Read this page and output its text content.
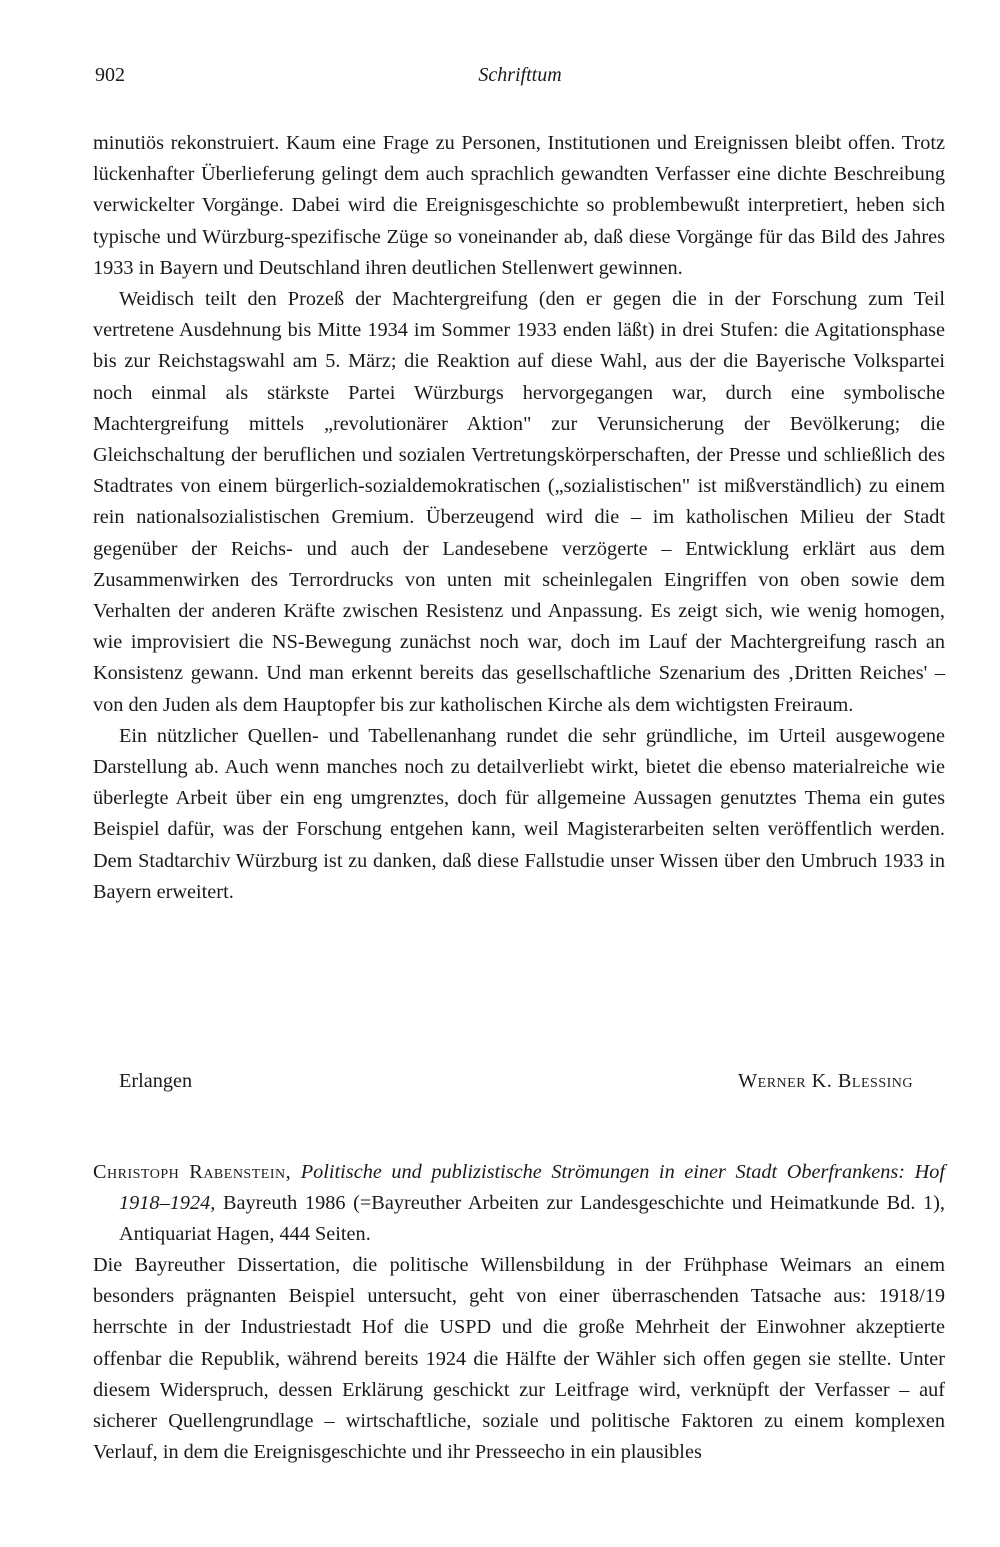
902	Schrifttum

minutiös rekonstruiert. Kaum eine Frage zu Personen, Institutionen und Ereignissen bleibt offen. Trotz lückenhafter Überlieferung gelingt dem auch sprachlich gewandten Verfasser eine dichte Beschreibung verwickelter Vorgänge. Dabei wird die Ereignisgeschichte so problembewußt interpretiert, heben sich typische und Würzburg-spezifische Züge so voneinander ab, daß diese Vorgänge für das Bild des Jahres 1933 in Bayern und Deutschland ihren deutlichen Stellenwert gewinnen.

Weidisch teilt den Prozeß der Machtergreifung (den er gegen die in der Forschung zum Teil vertretene Ausdehnung bis Mitte 1934 im Sommer 1933 enden läßt) in drei Stufen: die Agitationsphase bis zur Reichstagswahl am 5. März; die Reaktion auf diese Wahl, aus der die Bayerische Volkspartei noch einmal als stärkste Partei Würzburgs hervorgegangen war, durch eine symbolische Machtergreifung mittels „revolutionärer Aktion" zur Verunsicherung der Bevölkerung; die Gleichschaltung der beruflichen und sozialen Vertretungskörperschaften, der Presse und schließlich des Stadtrates von einem bürgerlich-sozialdemokratischen („sozialistischen" ist mißverständlich) zu einem rein nationalsozialistischen Gremium. Überzeugend wird die – im katholischen Milieu der Stadt gegenüber der Reichs- und auch der Landesebene verzögerte – Entwicklung erklärt aus dem Zusammenwirken des Terrordrucks von unten mit scheinlegalen Eingriffen von oben sowie dem Verhalten der anderen Kräfte zwischen Resistenz und Anpassung. Es zeigt sich, wie wenig homogen, wie improvisiert die NS-Bewegung zunächst noch war, doch im Lauf der Machtergreifung rasch an Konsistenz gewann. Und man erkennt bereits das gesellschaftliche Szenarium des ‚Dritten Reiches' – von den Juden als dem Hauptopfer bis zur katholischen Kirche als dem wichtigsten Freiraum.

Ein nützlicher Quellen- und Tabellenanhang rundet die sehr gründliche, im Urteil ausgewogene Darstellung ab. Auch wenn manches noch zu detailverliebt wirkt, bietet die ebenso materialreiche wie überlegte Arbeit über ein eng umgrenztes, doch für allgemeine Aussagen genutztes Thema ein gutes Beispiel dafür, was der Forschung entgehen kann, weil Magisterarbeiten selten veröffentlich werden. Dem Stadtarchiv Würzburg ist zu danken, daß diese Fallstudie unser Wissen über den Umbruch 1933 in Bayern erweitert.

Erlangen	Werner K. Blessing
Christoph Rabenstein, Politische und publizistische Strömungen in einer Stadt Oberfrankens: Hof 1918–1924, Bayreuth 1986 (=Bayreuther Arbeiten zur Landesgeschichte und Heimatkunde Bd. 1), Antiquariat Hagen, 444 Seiten.

Die Bayreuther Dissertation, die politische Willensbildung in der Frühphase Weimars an einem besonders prägnanten Beispiel untersucht, geht von einer überraschenden Tatsache aus: 1918/19 herrschte in der Industriestadt Hof die USPD und die große Mehrheit der Einwohner akzeptierte offenbar die Republik, während bereits 1924 die Hälfte der Wähler sich offen gegen sie stellte. Unter diesem Widerspruch, dessen Erklärung geschickt zur Leitfrage wird, verknüpft der Verfasser – auf sicherer Quellengrundlage – wirtschaftliche, soziale und politische Faktoren zu einem komplexen Verlauf, in dem die Ereignisgeschichte und ihr Presseecho in ein plausibles
